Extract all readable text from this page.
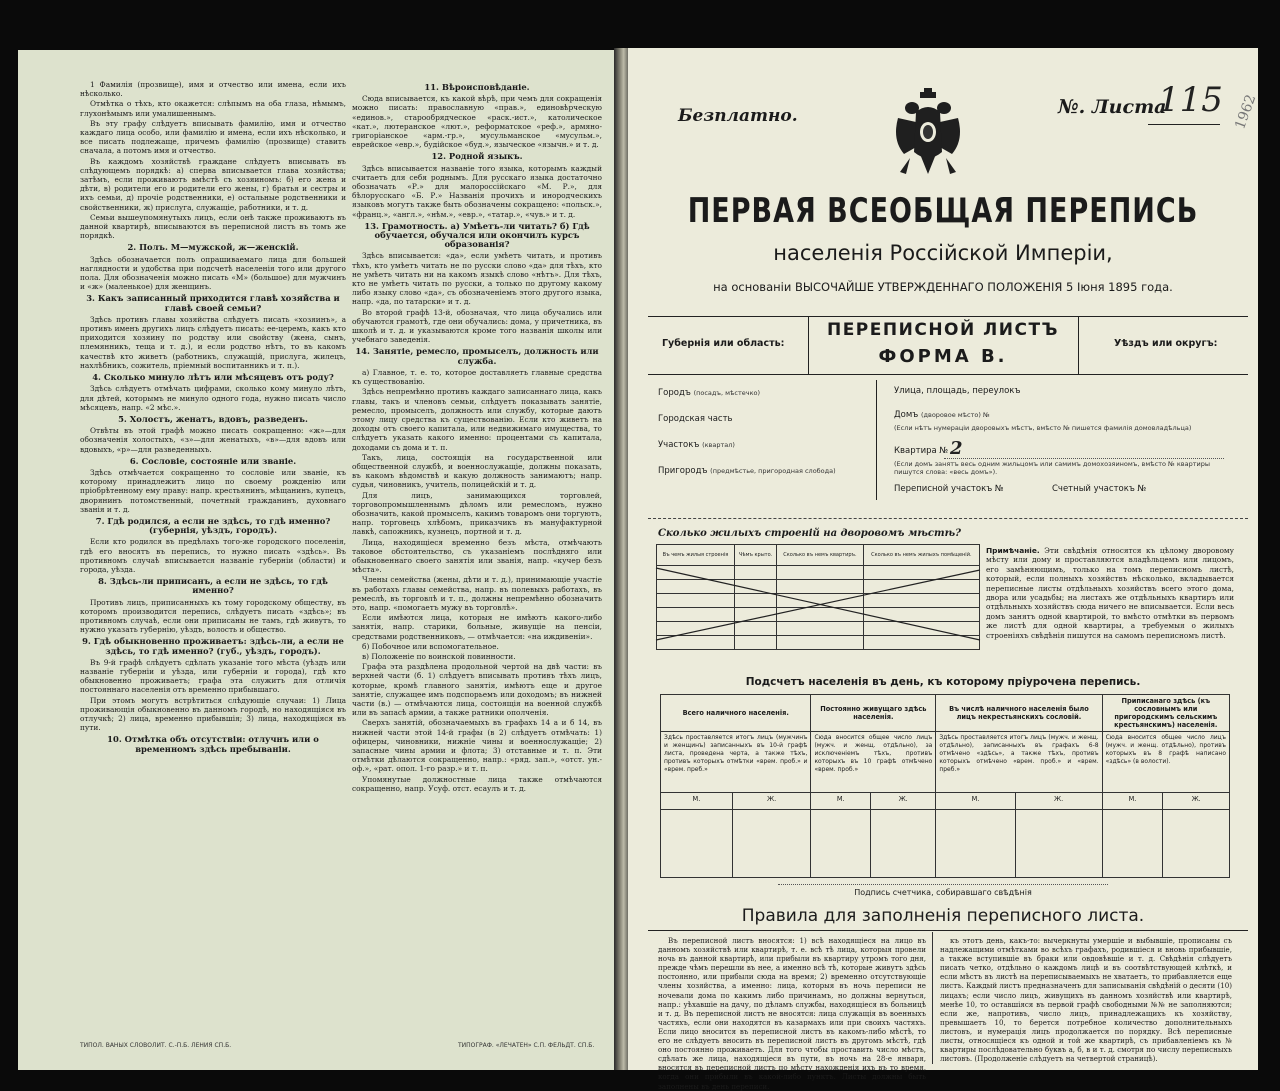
1 Фамилія (прозвище), имя и отчество или имена, если ихъ нѣсколько.

Отмѣтка о тѣхъ, кто окажется: слѣпымъ на оба глаза, нѣмымъ, глухонѣмымъ или умалишеннымъ.

Въ эту графу слѣдуетъ вписывать фамилію, имя и отчество каждаго лица особо, или фамилію и имена, если ихъ нѣсколько, и все писать подлежаще, причемъ фамилію (прозвище) ставить сначала, а потомъ имя и отчество.

Въ каждомъ хозяйствѣ граждане слѣдуетъ вписывать въ слѣдующемъ порядкѣ: а) сперва вписывается глава хозяйства; затѣмъ, если проживаютъ вмѣстѣ съ хозяиномъ: б) его жена и дѣти, в) родители его и родители его жены, г) братья и сестры и ихъ семьи, д) прочіе родственники, е) остальные родственники и свойственники, ж) прислуга, служащіе, работники, и т. д.

Семьи вышеупомянутыхъ лицъ, если онѣ также проживаютъ въ данной квартирѣ, вписываются въ переписной листъ въ томъ же порядкѣ.

2. Полъ. М—мужской, ж—женскій.

Здѣсь обозначается полъ опрашиваемаго лица для большей наглядности и удобства при подсчетѣ населенія того или другого пола. Для обозначенія можно писать «М» (большое) для мужчинъ и «ж» (маленькое) для женщинъ.

3. Какъ записанный приходится главѣ хозяйства и главѣ своей семьи?

Здѣсь противъ главы хозяйства слѣдуетъ писать «хозяинъ», а противъ именъ другихъ лицъ слѣдуетъ писать: ее-церемъ, какъ кто приходится хозяину по родству или свойству (жена, сынъ, племянникъ, теща и т. д.), и если родство нѣтъ, то въ какомъ качествѣ кто живетъ (работникъ, служащій, прислуга, жилецъ, нахлѣбникъ, сожитель, пріемный воспитанникъ и т. п.).

4. Сколько минуло лѣтъ или мѣсяцевъ отъ роду?

Здѣсь слѣдуетъ отмѣчать цифрами, сколько кому минуло лѣтъ, для дѣтей, которымъ не минуло одного года, нужно писать число мѣсяцевъ, напр. «2 мѣс.».

5. Холостъ, женатъ, вдовъ, разведенъ.

Отвѣты въ этой графѣ можно писать сокращенно: «ж»—для обозначенія холостыхъ, «з»—для женатыхъ, «в»—для вдовъ или вдовыхъ, «р»—для разведенныхъ.

6. Сословіе, состояніе или званіе.

Здѣсь отмѣчается сокращенно то сословіе или званіе, къ которому принадлежитъ лицо по своему рожденію или пріобрѣтенному ему праву: напр. крестьянинъ, мѣщанинъ, купецъ, дворянинъ потомственный, почетный гражданинъ, духовнаго званія и т. д.

7. Гдѣ родился, а если не здѣсь, то гдѣ именно? (губернія, уѣздъ, городъ).

Если кто родился въ предѣлахъ того-же городского поселенія, гдѣ его вносятъ въ перепись, то нужно писать «здѣсь». Въ противномъ случаѣ вписывается названіе губерніи (области) и города, уѣзда.

8. Здѣсь-ли приписанъ, а если не здѣсь, то гдѣ именно?

Противъ лицъ, приписанныхъ къ тому городскому обществу, въ которомъ производится перепись, слѣдуетъ писать «здѣсь»; въ противномъ случаѣ, если они приписаны не тамъ, гдѣ живутъ, то нужно указать губернію, уѣздъ, волость и общество.

9. Гдѣ обыкновенно проживаетъ: здѣсь-ли, а если не здѣсь, то гдѣ именно? (губ., уѣздъ, городъ).

Въ 9-й графѣ слѣдуетъ сдѣлать указаніе того мѣста (уѣздъ или названіе губерніи и уѣзда, или губерніи и города), гдѣ кто обыкновенно проживаетъ; графа эта служитъ для отличія постояннаго населенія отъ временно прибывшаго.

При этомъ могутъ встрѣтиться слѣдующіе случаи: 1) Лица проживающія обыкновенно въ данномъ городѣ, но находящіяся въ отлучкѣ; 2) лица, временно прибывшія; 3) лица, находящіяся въ пути.

10. Отмѣтка объ отсутствіи: отлучнъ или о временномъ здѣсь пребываніи.

11. Вѣроисповѣданіе.

Сюда вписывается, къ какой вѣрѣ, при чемъ для сокращенія можно писать: православную «прав.», единовѣрческую «единов.», старообрядческое «раск.-ист.», католическое «кат.», лютеранское «лют.», реформатское «реф.», армяно-григоріанское «арм.-гр.», мусульманское «мусульм.», еврейское «евр.», будійское «буд.», языческое «язычн.» и т. д.

12. Родной языкъ.

Здѣсь вписывается названіе того языка, которымъ каждый считаетъ для себя роднымъ. Для русскаго языка достаточно обозначать «Р.» для малороссійскаго «М. Р.», для бѣлорусскаго «Б. Р.» Названія прочихъ и инородческихъ языковъ могутъ также быть обозначены сокращено: «польск.», «франц.», «англ.», «нѣм.», «евр.», «татар.», «чув.» и т. д.

13. Грамотность. а) Умѣетъ-ли читать? б) Гдѣ обучается, обучался или окончилъ курсъ образованія?

Здѣсь вписывается: «да», если умѣетъ читать, и противъ тѣхъ, кто умѣетъ читать не по русски слово «да» для тѣхъ, кто не умѣетъ читать ни на какомъ языкѣ слово «нѣтъ». Для тѣхъ, кто не умѣетъ читать по русски, а только по другому какому либо языку слово «да», съ обозначеніемъ этого другого языка, напр. «да, по татарски» и т. д.

Во второй графѣ 13-й, обозначая, что лица обучались или обучаются грамотѣ, где они обучались: дома, у причетника, въ школѣ и т. д. и указываются кроме того названія школы или учебнаго заведенія.

14. Занятіе, ремесло, промыселъ, должность или служба.

а) Главное, т. е. то, которое доставляетъ главные средства къ существованію.

Здѣсь непремѣнно противъ каждаго записаннаго лица, какъ главы, такъ и членовъ семьи, слѣдуетъ показывать занятіе, ремесло, промыселъ, должность или службу, которые даютъ этому лицу средства къ существованію. Если кто живетъ на доходы отъ своего капитала, или недвижимаго имущества, то слѣдуетъ указать какого именно: процентами съ капитала, доходами съ дома и т. п.

Такъ, лица, состоящія на государственной или общественной службѣ, и военнослужащіе, должны показать, въ какомъ вѣдомствѣ и какую должность занимаютъ; напр. судья, чиновникъ, учитель, полицейскій и т. д.

Для лицъ, занимающихся торговлей, торговопромышленнымъ дѣломъ или ремесломъ, нужно обозначить, какой промыселъ, какимъ товаромъ они торгуютъ, напр. торговецъ хлѣбомъ, приказчикъ въ мануфактурной лавкѣ, сапожникъ, кузнецъ, портной и т. д.

Лица, находящіеся временно безъ мѣста, отмѣчаютъ таковое обстоятельство, съ указаніемъ послѣдняго или обыкновеннаго своего занятія или званія, напр. «кучер безъ мѣста».

Члены семейства (жены, дѣти и т. д.), принимающіе участіе въ работахъ главы семейства, напр. въ полевыхъ работахъ, въ ремеслѣ, въ торговлѣ и т. п., должны непремѣнно обозначить это, напр. «помогаетъ мужу въ торговлѣ».

Если имѣются лица, которыя не имѣютъ какого-либо занятія, напр. старики, больные, живущіе на пенсіи, средствами родственниковъ, — отмѣчается: «на иждивеніи».

б) Побочное или вспомогательное.

в) Положеніе по воинской повинности.

Графа эта раздѣлена продольной чертой на двѣ части: въ верхней части (б. 1) слѣдуетъ вписывать противъ тѣхъ лицъ, которые, кромѣ главного занятія, имѣютъ еще и другое занятіе, служащее имъ подспорьемъ или доходомъ; въ нижней части (в.) — отмѣчаются лица, состоящія на военной службѣ или въ запасѣ армии, а также ратники ополченія.

Сверхъ занятій, обозначаемыхъ въ графахъ 14 а и б 14, въ нижней части этой 14-й графы (в 2) слѣдуетъ отмѣчать: 1) офицеры, чиновники, нижніе чины и военнослужащіе; 2) запасные чины армии и флота; 3) отставные и т. п. Эти отмѣтки дѣлаются сокращенно, напр.: «ряд. зап.», «отст. ун.-оф.», «рат. опол. 1-го разр.» и т. п.

Упомянутые должностные лица также отмѣчаются сокращенно, напр. Усуф. отст. есаулъ и т. д.

ТИПОЛ. ВАНЫХ СЛОВОЛИТ. С.-П.Б. ЛЕНИЯ СП.Б.	ТИПОГРАФ. «ЛЕЧАТЕН» С.П. ФЕЛЬДТ. СП.Б.
Безплатно.	№. Листа
115 1962
ПЕРВАЯ ВСЕОБЩАЯ ПЕРЕПИСЬ
населенія Россійской Имперіи,
на основаніи ВЫСОЧАЙШЕ УТВЕРЖДЕННАГО ПОЛОЖЕНІЯ 5 Іюня 1895 года.
Губернія или область:
ПЕРЕПИСНОЙ ЛИСТЪ
ФОРМА В.
Уѣздъ или округъ:
Городъ (посадъ, мѣстечко)
Городская часть
Участокъ (квартал)
Пригородъ (предмѣстье, пригородная слобода)
Улица, площадь, переулокъ
Домъ (дворовое мѣсто) №
(Если нѣтъ нумераціи дворовыхъ мѣстъ, вмѣсто № пишется фамилія домовладѣльца)
Квартира № 2
(Если домъ занятъ весь одним жильцомъ или самимъ домохозяиномъ, вмѣсто № квартиры пишутся слова: «весь домъ»).
Переписной участокъ №	Счетный участокъ №
Сколько жилыхъ строеній на дворовомъ мѣстѣ?
Въ чемъ жилыя строенія	Чѣмъ крыто.	Сколько въ немъ квартиръ.	Сколько въ немъ жилыхъ помѣщеній.

			Примѣчаніе. Эти свѣдѣнія относятся къ цѣлому дворовому мѣсту или дому и проставляются владѣльцемъ или лицомъ, его замѣняющимъ, только на томъ переписномъ листѣ, который, если полныхъ хозяйствъ нѣсколько, вкладывается переписные листы отдѣльныхъ хозяйствъ всего этого дома, двора или усадьбы; на листахъ же отдѣльныхъ квартиръ или отдѣльныхъ хозяйствъ сюда ничего не вписывается. Если весь домъ занятъ одной квартирой, то вмѣсто отмѣтки въ первомъ же листѣ для одной квартиры, а требуемыя о жилыхъ строеніяхъ свѣдѣнія пишутся на самомъ переписномъ листѣ.
Подсчетъ населенія въ день, къ которому пріурочена перепись.
Всего наличного населенія.		Постоянно живущаго здѣсь населенія.		Въ числѣ наличного населенія было лицъ некрестьянскихъ сословій.		Приписанаго здѣсь (къ сословнымъ или пригородскимъ сельскимъ крестьянскимъ) населенія.	
Здѣсь проставляется итогъ лицъ (мужчинъ и женщинъ) записанныхъ въ 10-й графѣ листа, проведена черта, а также тѣхъ, противъ которыхъ отмѣтки «врем. проб.» и «врем. преб.»		Сюда вносится общее число лицъ (мужч. и женщ. отдѣльно), за исключеніемъ тѣхъ, противъ которыхъ въ 10 графѣ отмѣчено «врем. проб.»		Здѣсь проставляется итогъ лицъ (мужч. и женщ. отдѣльно), записанныхъ въ графахъ 6-8 отмѣчено «здѣсь», а также тѣхъ, противъ которыхъ отмѣчено «врем. проб.» и «врем. преб.»		Сюда вносится общее число лицъ (мужч. и женщ. отдѣльно), противъ которыхъ въ 8 графѣ написано «здѣсь» (в волости).	
М.	Ж.	М.	Ж.	М.	Ж.	М.	Ж.

Подпись счетчика, собиравшаго свѣдѣнія
Правила для заполненія переписного листа.

Въ переписной листъ вносятся: 1) всѣ находящіеся на лицо въ данномъ хозяйствѣ или квартирѣ, т. е. всѣ тѣ лица, которыя провели ночь въ данной квартирѣ, или прибыли въ квартиру утромъ того дня, прежде чѣмъ перешли въ нее, а именно всѣ тѣ, которые живутъ здѣсь постоянно, или прибыли сюда на время; 2) временно отсутствующіе члены хозяйства, а именно: лица, которыя въ ночь переписи не ночевали дома по какимъ либо причинамъ, но должны вернуться, напр.: уѣхавшіе на дачу, по дѣламъ службы, находящіеся въ больницѣ и т. д. Въ переписной листъ не вносятся: лица служащія въ военныхъ частяхъ, если они находятся въ казармахъ или при своихъ частяхъ. Если лицо вносится въ переписной листъ въ какомъ-либо мѣстѣ, то его не слѣдуетъ вносить въ переписной листъ въ другомъ мѣстѣ, гдѣ оно постоянно проживаетъ. Для того чтобы проставить число мѣстъ, сдѣлать же лица, находящіеся въ пути, въ ночь на 28-е января, вносятся въ переписной листъ по мѣсту нахожденія ихъ въ то время, когда они прибыли въ какой-либо пунктъ. Листы должны быть заполнены въ день переписи.

къ этотъ день, какъ-то: вычеркнуты умершіе и выбывшіе, прописаны съ надлежащими отмѣтками во всѣхъ графахъ, родившіеся и вновь прибывшіе, а также вступившіе въ браки или овдовѣвшіе и т. д. Свѣдѣнія слѣдуетъ писать четко, отдѣльно о каждомъ лицѣ и въ соотвѣтствующей клѣткѣ, и если мѣстъ въ листѣ на переписываемыхъ не хватаетъ, то прибавляется еще листъ. Каждый листъ предназначенъ для записыванія свѣдѣній о десяти (10) лицахъ; если число лицъ, живущихъ въ данномъ хозяйствѣ или квартирѣ, менѣе 10, то оставшіяся въ первой графѣ свободными №№ не заполняются; если же, напротивъ, число лицъ, принадлежащихъ къ хозяйству, превышаетъ 10, то берется потребное количество дополнительныхъ листовъ, и нумерація лицъ продолжается по порядку. Всѣ переписные листы, относящіеся къ одной и той же квартирѣ, съ прибавленіемъ къ № квартиры послѣдовательно буквъ а, б, в и т. д. смотря по числу переписныхъ листовъ. (Продолженіе слѣдуетъ на четвертой страницѣ).
